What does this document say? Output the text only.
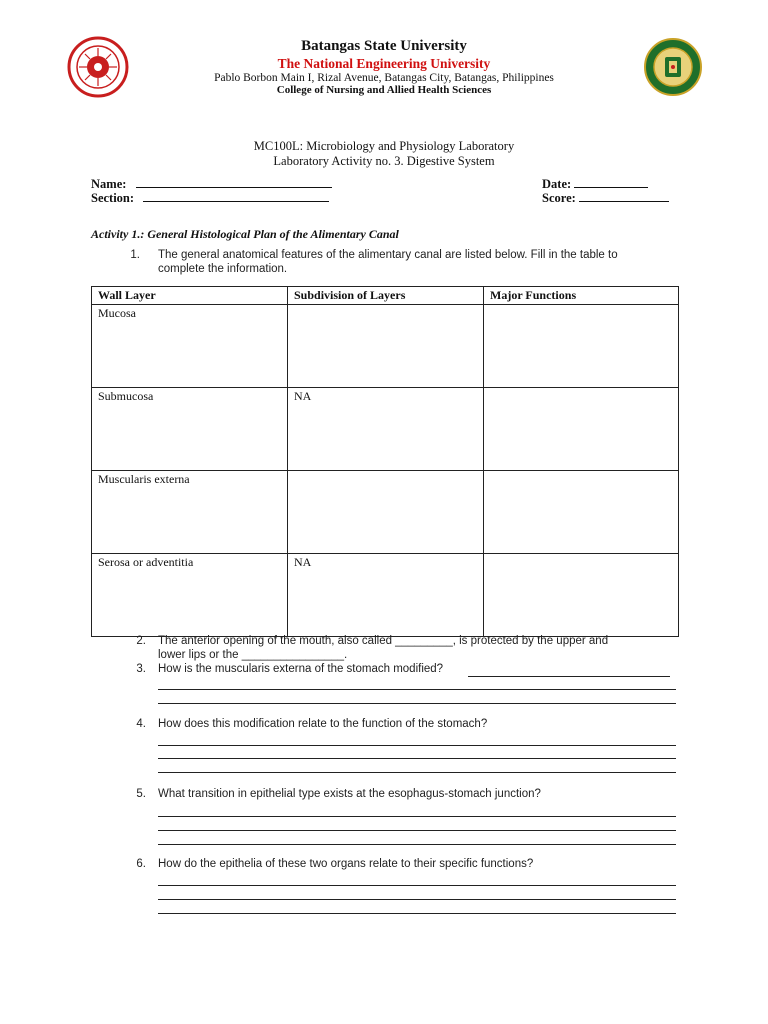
Batangas State University
The National Engineering University
Pablo Borbon Main I, Rizal Avenue, Batangas City, Batangas, Philippines
College of Nursing and Allied Health Sciences
MC100L: Microbiology and Physiology Laboratory
Laboratory Activity no. 3. Digestive System
Name:
Section:
Date:
Score:
Activity 1.: General Histological Plan of the Alimentary Canal
1. The general anatomical features of the alimentary canal are listed below. Fill in the table to
complete the information.
Wall Layer	Subdivision of Layers	Major Functions
Mucosa		
Submucosa	NA	
Muscularis externa		
Serosa or adventitia	NA	
2. The anterior opening of the mouth, also called _________, is protected by the upper and
lower lips or the ________________.
3. How is the muscularis externa of the stomach modified?
4. How does this modification relate to the function of the stomach?
5. What transition in epithelial type exists at the esophagus-stomach junction?
6. How do the epithelia of these two organs relate to their specific functions?
